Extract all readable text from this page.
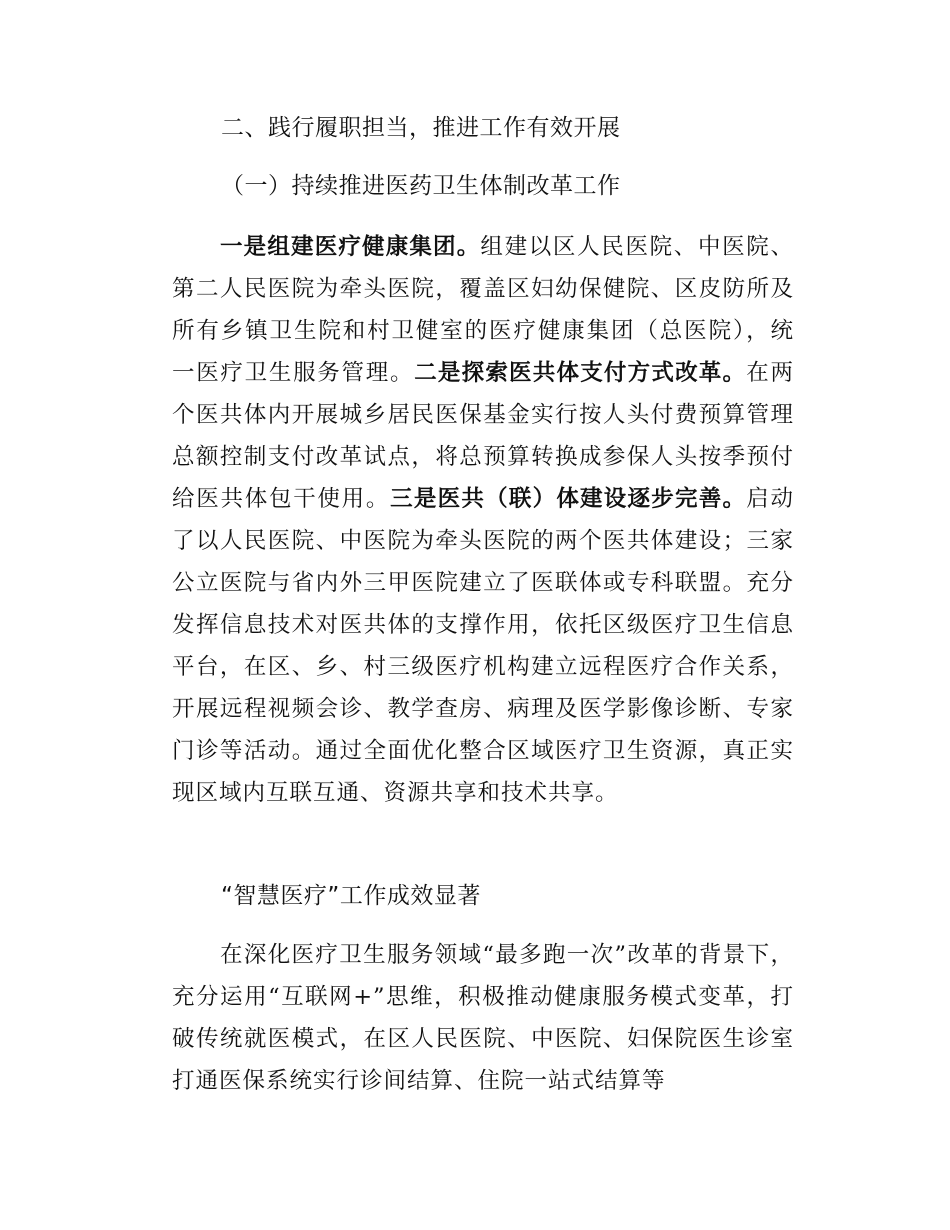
二、践行履职担当，推进工作有效开展
（一）持续推进医药卫生体制改革工作

一是组建医疗健康集团。组建以区人民医院、中医院、第二人民医院为牵头医院，覆盖区妇幼保健院、区皮防所及所有乡镇卫生院和村卫健室的医疗健康集团（总医院），统一医疗卫生服务管理。二是探索医共体支付方式改革。在两个医共体内开展城乡居民医保基金实行按人头付费预算管理总额控制支付改革试点，将总预算转换成参保人头按季预付给医共体包干使用。三是医共（联）体建设逐步完善。启动了以人民医院、中医院为牵头医院的两个医共体建设；三家公立医院与省内外三甲医院建立了医联体或专科联盟。充分发挥信息技术对医共体的支撑作用，依托区级医疗卫生信息平台，在区、乡、村三级医疗机构建立远程医疗合作关系，开展远程视频会诊、教学查房、病理及医学影像诊断、专家门诊等活动。通过全面优化整合区域医疗卫生资源，真正实现区域内互联互通、资源共享和技术共享。

“智慧医疗”工作成效显著

在深化医疗卫生服务领域“最多跑一次”改革的背景下，充分运用“互联网+”思维，积极推动健康服务模式变革，打破传统就医模式，在区人民医院、中医院、妇保院医生诊室打通医保系统实行诊间结算、住院一站式结算等
